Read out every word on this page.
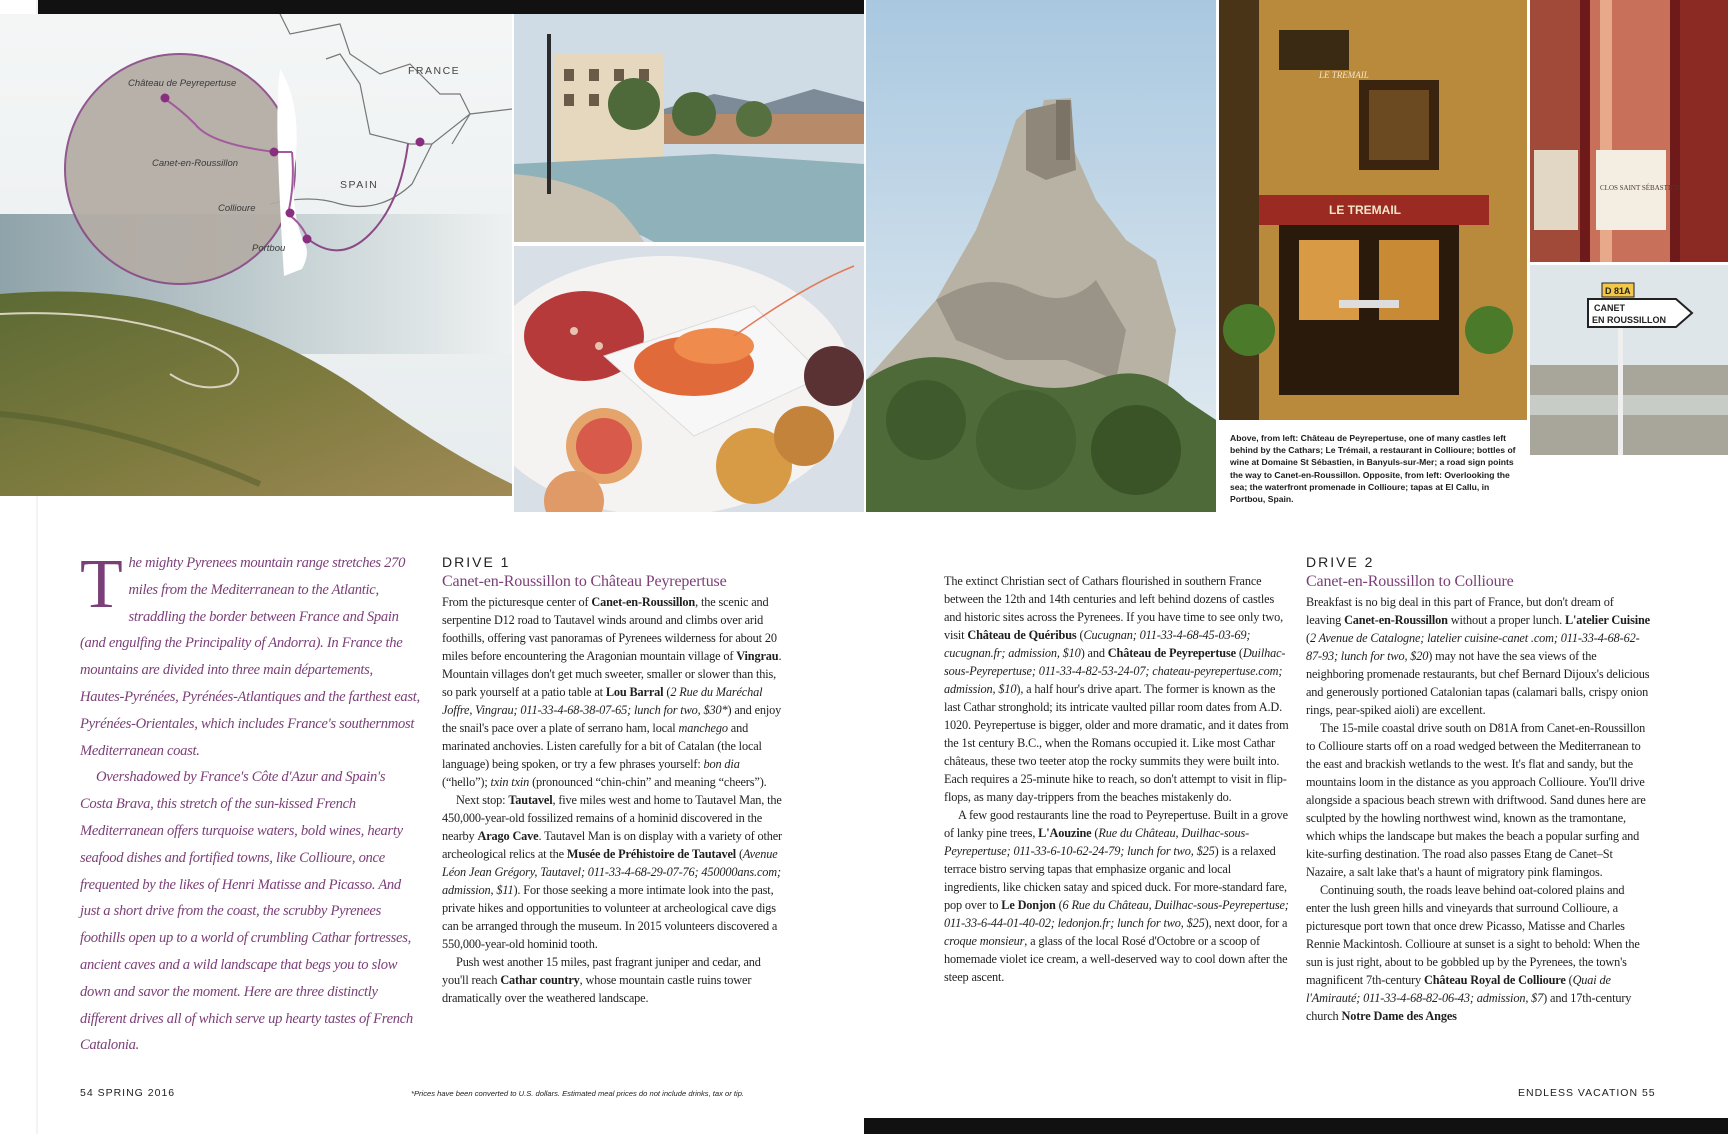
Château de Peyrepertuse
Canet-en-Roussillon
Collioure
Portbou
FRANCE
SPAIN
LE TREMAIL
LE TREMAIL
CLOS SAINT SÉBASTIEN
D 81A
CANET
EN ROUSSILLON
Above, from left: Château de Peyrepertuse, one of many castles left behind by the Cathars; Le Trémail, a restaurant in Collioure; bottles of wine at Domaine St Sébastien, in Banyuls-sur-Mer; a road sign points the way to Canet-en-Roussillon. Opposite, from left: Overlooking the sea; the waterfront promenade in Collioure; tapas at El Callu, in Portbou, Spain.

The mighty Pyrenees mountain range stretches 270 miles from the Mediterranean to the Atlantic, straddling the border between France and Spain (and engulfing the Principality of Andorra). In France the mountains are divided into three main départements, Hautes-Pyrénées, Pyrénées-Atlantiques and the farthest east, Pyrénées-Orientales, which includes France's southernmost Mediterranean coast.

Overshadowed by France's Côte d'Azur and Spain's Costa Brava, this stretch of the sun-kissed French Mediterranean offers turquoise waters, bold wines, hearty seafood dishes and fortified towns, like Collioure, once frequented by the likes of Henri Matisse and Picasso. And just a short drive from the coast, the scrubby Pyrenees foothills open up to a world of crumbling Cathar fortresses, ancient caves and a wild landscape that begs you to slow down and savor the moment. Here are three distinctly different drives all of which serve up hearty tastes of French Catalonia.

DRIVE 1
Canet-en-Roussillon to Château Peyrepertuse

From the picturesque center of Canet-en-Roussillon, the scenic and serpentine D12 road to Tautavel winds around and climbs over arid foothills, offering vast panoramas of Pyrenees wilderness for about 20 miles before encountering the Aragonian mountain village of Vingrau. Mountain villages don't get much sweeter, smaller or slower than this, so park yourself at a patio table at Lou Barral (2 Rue du Maréchal Joffre, Vingrau; 011-33-4-68-38-07-65; lunch for two, $30*) and enjoy the snail's pace over a plate of serrano ham, local manchego and marinated anchovies. Listen carefully for a bit of Catalan (the local language) being spoken, or try a few phrases yourself: bon dia (“hello”); txin txin (pronounced “chin-chin” and meaning “cheers”).

Next stop: Tautavel, five miles west and home to Tautavel Man, the 450,000-year-old fossilized remains of a hominid discovered in the nearby Arago Cave. Tautavel Man is on display with a variety of other archeological relics at the Musée de Préhistoire de Tautavel (Avenue Léon Jean Grégory, Tautavel; 011-33-4-68-29-07-76; 450000ans.com; admission, $11). For those seeking a more intimate look into the past, private hikes and opportunities to volunteer at archeological cave digs can be arranged through the museum. In 2015 volunteers discovered a 550,000-year-old hominid tooth.

Push west another 15 miles, past fragrant juniper and cedar, and you'll reach Cathar country, whose mountain castle ruins tower dramatically over the weathered landscape.

The extinct Christian sect of Cathars flourished in southern France between the 12th and 14th centuries and left behind dozens of castles and historic sites across the Pyrenees. If you have time to see only two, visit Château de Quéribus (Cucugnan; 011-33-4-68-45-03-69; cucugnan.fr; admission, $10) and Château de Peyrepertuse (Duilhac-sous-Peyrepertuse; 011-33-4-82-53-24-07; chateau-peyrepertuse.com; admission, $10), a half hour's drive apart. The former is known as the last Cathar stronghold; its intricate vaulted pillar room dates from A.D. 1020. Peyrepertuse is bigger, older and more dramatic, and it dates from the 1st century B.C., when the Romans occupied it. Like most Cathar châteaus, these two teeter atop the rocky summits they were built into. Each requires a 25-minute hike to reach, so don't attempt to visit in flip-flops, as many day-trippers from the beaches mistakenly do.

A few good restaurants line the road to Peyrepertuse. Built in a grove of lanky pine trees, L'Aouzine (Rue du Château, Duilhac-sous-Peyrepertuse; 011-33-6-10-62-24-79; lunch for two, $25) is a relaxed terrace bistro serving tapas that emphasize organic and local ingredients, like chicken satay and spiced duck. For more-standard fare, pop over to Le Donjon (6 Rue du Château, Duilhac-sous-Peyrepertuse; 011-33-6-44-01-40-02; ledonjon.fr; lunch for two, $25), next door, for a croque monsieur, a glass of the local Rosé d'Octobre or a scoop of homemade violet ice cream, a well-deserved way to cool down after the steep ascent.

DRIVE 2
Canet-en-Roussillon to Collioure

Breakfast is no big deal in this part of France, but don't dream of leaving Canet-en-Roussillon without a proper lunch. L'atelier Cuisine (2 Avenue de Catalogne; latelier cuisine-canet .com; 011-33-4-68-62-87-93; lunch for two, $20) may not have the sea views of the neighboring promenade restaurants, but chef Bernard Dijoux's delicious and generously portioned Catalonian tapas (calamari balls, crispy onion rings, pear-spiked aioli) are excellent.

The 15-mile coastal drive south on D81A from Canet-en-Roussillon to Collioure starts off on a road wedged between the Mediterranean to the east and brackish wetlands to the west. It's flat and sandy, but the mountains loom in the distance as you approach Collioure. You'll drive alongside a spacious beach strewn with driftwood. Sand dunes here are sculpted by the howling northwest wind, known as the tramontane, which whips the landscape but makes the beach a popular surfing and kite-surfing destination. The road also passes Etang de Canet–St Nazaire, a salt lake that's a haunt of migratory pink flamingos.

Continuing south, the roads leave behind oat-colored plains and enter the lush green hills and vineyards that surround Collioure, a picturesque port town that once drew Picasso, Matisse and Charles Rennie Mackintosh. Collioure at sunset is a sight to behold: When the sun is just right, about to be gobbled up by the Pyrenees, the town's magnificent 7th-century Château Royal de Collioure (Quai de l'Amirauté; 011-33-4-68-82-06-43; admission, $7) and 17th-century church Notre Dame des Anges

54 SPRING 2016	*Prices have been converted to U.S. dollars. Estimated meal prices do not include drinks, tax or tip.	ENDLESS VACATION 55
